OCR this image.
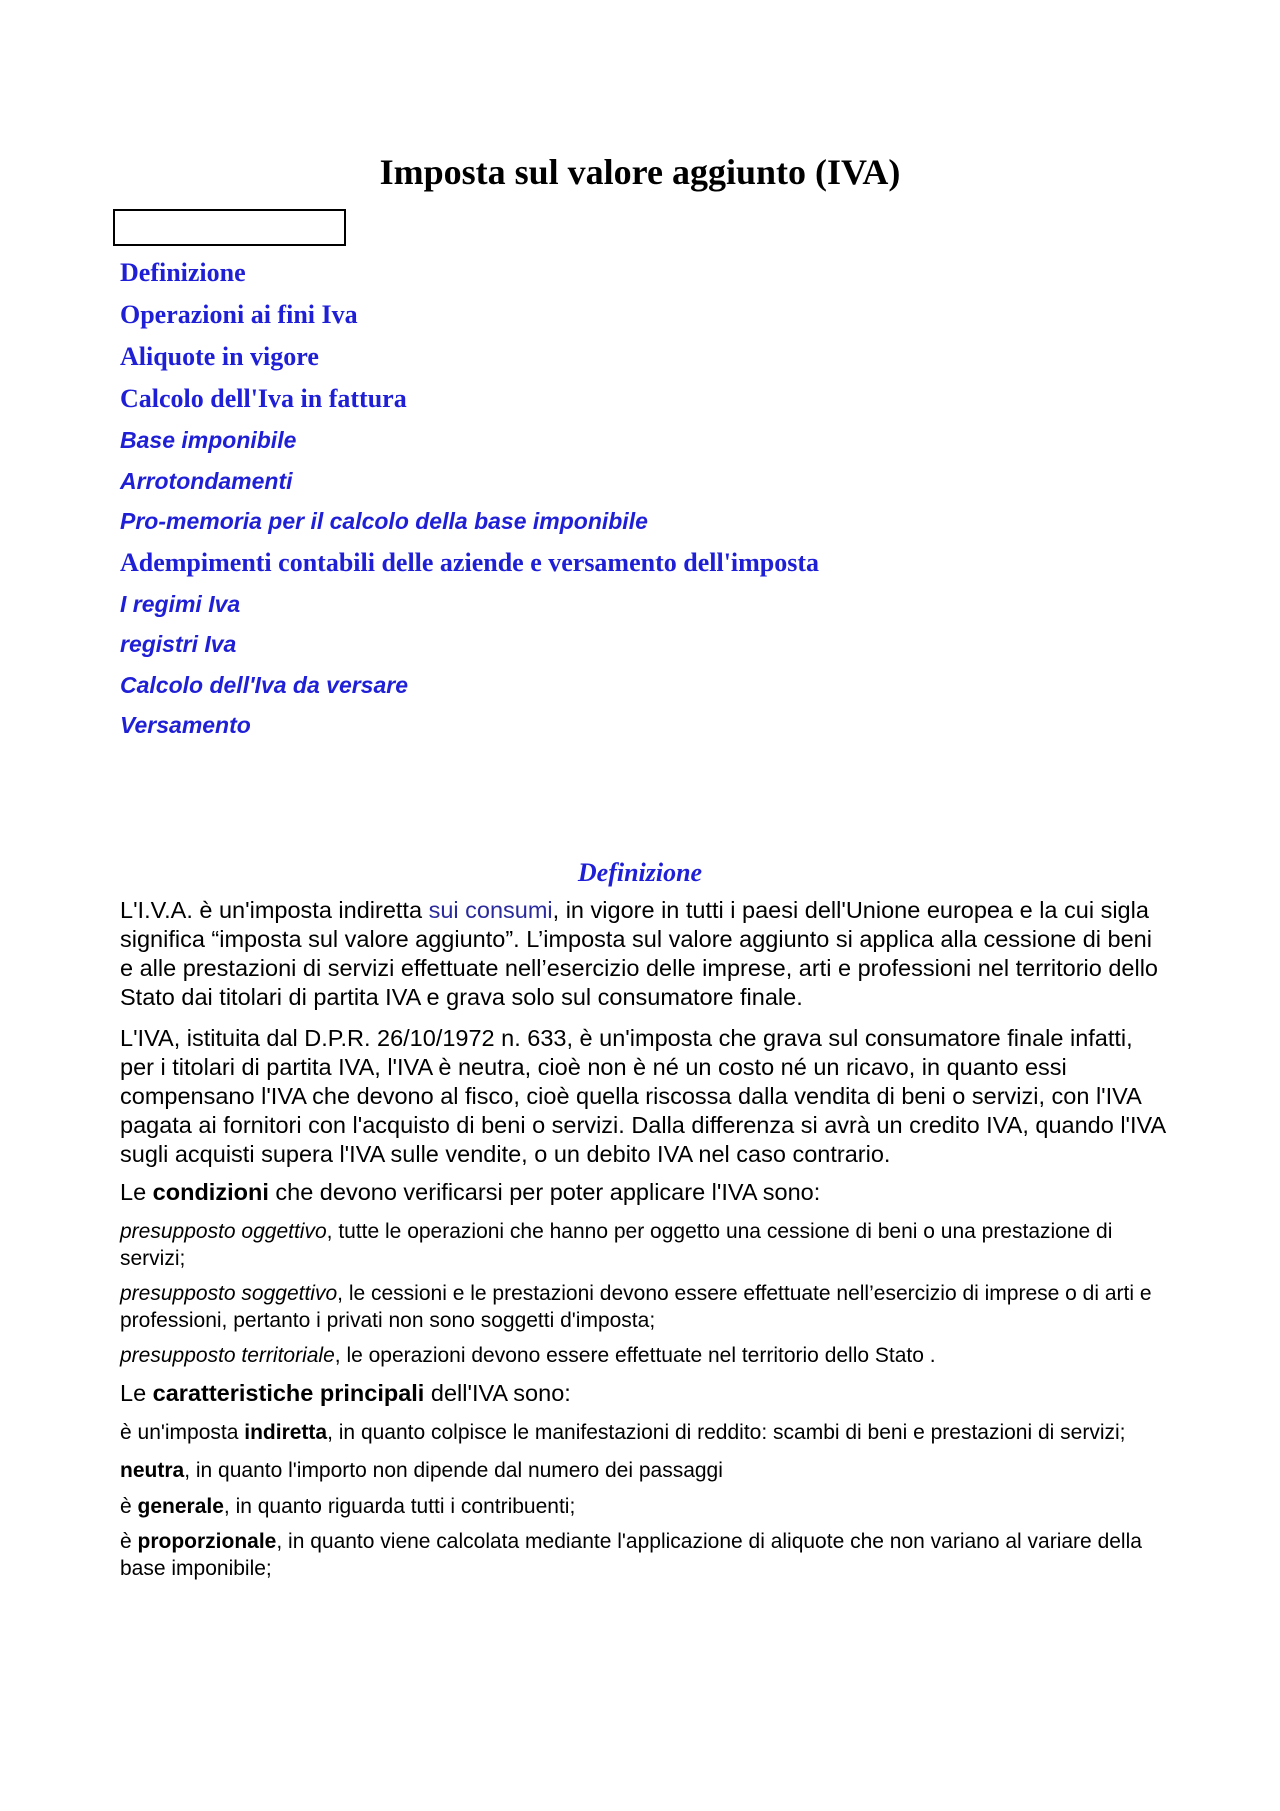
Imposta sul valore aggiunto (IVA)
Definizione
Operazioni ai fini Iva
Aliquote in vigore
Calcolo dell'Iva in fattura
Base imponibile
Arrotondamenti
Pro-memoria per il calcolo della base imponibile
Adempimenti contabili delle aziende e versamento dell'imposta
I regimi Iva
registri Iva
Calcolo dell'Iva da versare
Versamento
Definizione

L'I.V.A. è un'imposta indiretta sui consumi, in vigore in tutti i paesi dell'Unione europea e la cui sigla significa “imposta sul valore aggiunto”. L’imposta sul valore aggiunto si applica alla cessione di beni e alle prestazioni di servizi effettuate nell’esercizio delle imprese, arti e professioni nel territorio dello Stato dai titolari di partita IVA e grava solo sul consumatore finale.

L'IVA, istituita dal D.P.R. 26/10/1972 n. 633, è un'imposta che grava sul consumatore finale infatti, per i titolari di partita IVA, l'IVA è neutra, cioè non è né un costo né un ricavo, in quanto essi compensano l'IVA che devono al fisco, cioè quella riscossa dalla vendita di beni o servizi, con l'IVA pagata ai fornitori con l'acquisto di beni o servizi. Dalla differenza si avrà un credito IVA, quando l'IVA sugli acquisti supera l'IVA sulle vendite, o un debito IVA nel caso contrario.

Le condizioni che devono verificarsi per poter applicare l'IVA sono:

presupposto oggettivo, tutte le operazioni che hanno per oggetto una cessione di beni o una prestazione di servizi;

presupposto soggettivo, le cessioni e le prestazioni devono essere effettuate nell’esercizio di imprese o di arti e professioni, pertanto i privati non sono soggetti d'imposta;

presupposto territoriale, le operazioni devono essere effettuate nel territorio dello Stato .

Le caratteristiche principali dell'IVA sono:

è un'imposta indiretta, in quanto colpisce le manifestazioni di reddito: scambi di beni e prestazioni di servizi;

neutra, in quanto l'importo non dipende dal numero dei passaggi

è generale, in quanto riguarda tutti i contribuenti;

è proporzionale, in quanto viene calcolata mediante l'applicazione di aliquote che non variano al variare della base imponibile;
